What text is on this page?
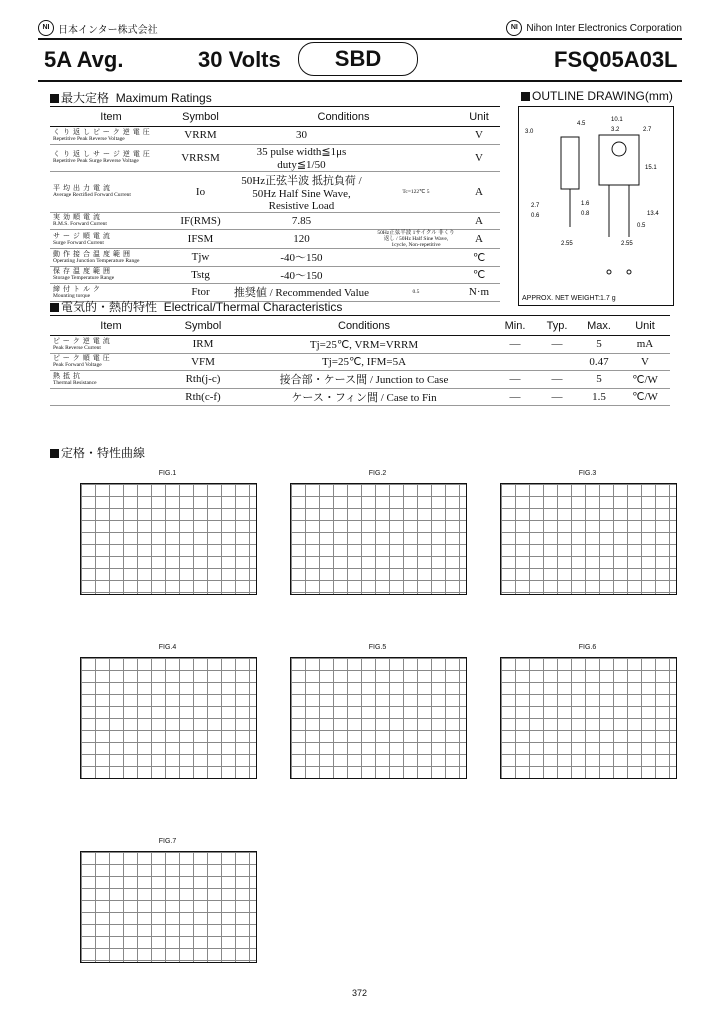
NI 日本インター株式会社	NI Nihon Inter Electronics Corporation
5A Avg.	30 Volts	SBD	FSQ05A03L
最大定格 Maximum Ratings
Item	Symbol	Conditions		Unit

くり返しピーク逆電圧
Repetitive Peak Reverse Voltage	VRRM	30		V

くり返しサージ逆電圧
Repetitive Peak Surge Reverse Voltage	VRRSM	35 pulse width≦1μs duty≦1/50		V

平均出力電流
Average Rectified Forward Current	Io	50Hz正弦半波 抵抗負荷 / 50Hz Half Sine Wave, Resistive Load	Tc=122℃ 5	A

実効順電流
R.M.S. Forward Current	IF(RMS)	7.85		A

サージ順電流
Surge Forward Current	IFSM	120	50Hz正弦半波 1サイクル 非くり返し / 50Hz Half Sine Wave, 1cycle, Non-repetitive	A

動作接合温度範囲
Operating Junction Temperature Range	Tjw	-40～150		℃

保存温度範囲
Storage Temperature Range	Tstg	-40～150		℃

締付トルク
Mounting torque	Ftor	推奨値 / Recommended Value	0.5	N·m
OUTLINE DRAWING(mm)
4.5
10.1
3.2	2.7
3.0
15.1
1.6
2.7
0.6	0.8	13.4
2.55	2.55
0.5
APPROX. NET WEIGHT:1.7 g
電気的・熱的特性 Electrical/Thermal Characteristics
Item	Symbol	Conditions	Min.	Typ.	Max.	Unit

ピーク逆電流
Peak Reverse Current	IRM	Tj=25℃, VRM=VRRM	—	—	5	mA

ピーク順電圧
Peak Forward Voltage	VFM	Tj=25℃, IFM=5A			0.47	V

熱抵抗
Thermal Resistance	Rth(j-c)	接合部・ケース間 / Junction to Case	—	—	5	℃/W

	Rth(c-f)	ケース・フィン間 / Case to Fin	—	—	1.5	℃/W
定格・特性曲線
FIG.1	FIG.2	FIG.3
FIG.4	FIG.5	FIG.6
FIG.7
372
